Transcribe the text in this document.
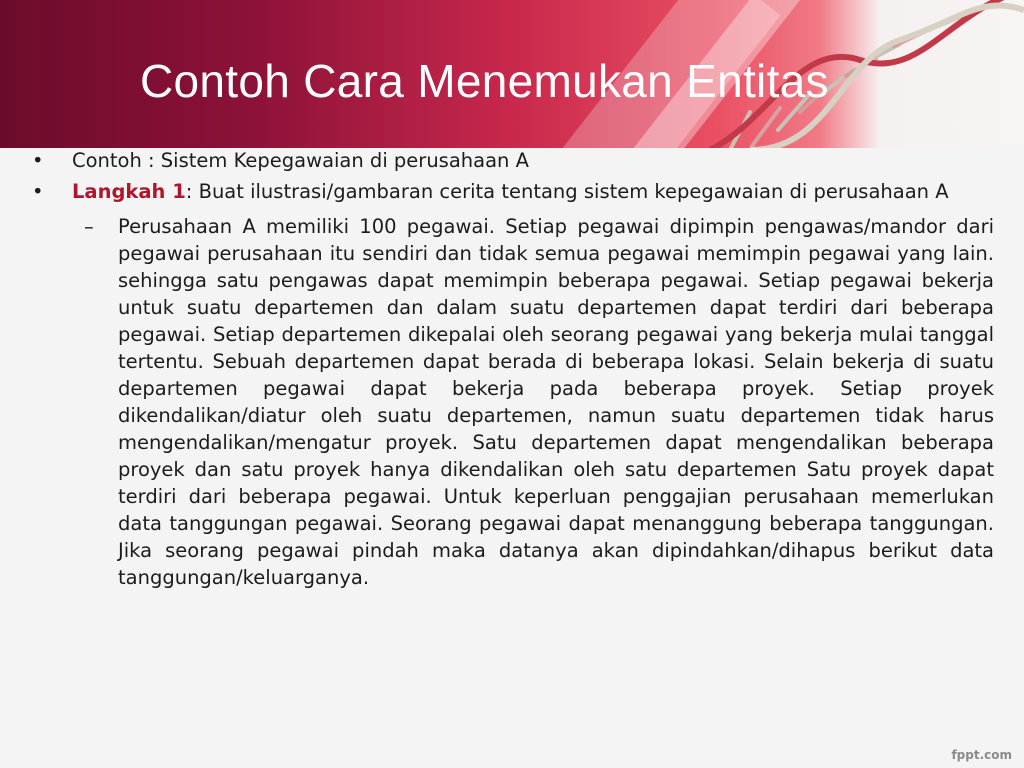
Contoh Cara Menemukan Entitas
•	Contoh : Sistem Kepegawaian di perusahaan A
•	Langkah 1: Buat ilustrasi/gambaran cerita tentang sistem kepegawaian di perusahaan A
–	Perusahaan A memiliki 100 pegawai. Setiap pegawai dipimpin pengawas/mandor dari pegawai perusahaan itu sendiri dan tidak semua pegawai memimpin pegawai yang lain. sehingga satu pengawas dapat memimpin beberapa pegawai. Setiap pegawai bekerja untuk suatu departemen dan dalam suatu departemen dapat terdiri dari beberapa pegawai. Setiap departemen dikepalai oleh seorang pegawai yang bekerja mulai tanggal tertentu. Sebuah departemen dapat berada di beberapa lokasi. Selain bekerja di suatu departemen pegawai dapat bekerja pada beberapa proyek. Setiap proyek dikendalikan/diatur oleh suatu departemen, namun suatu departemen tidak harus mengendalikan/mengatur proyek. Satu departemen dapat mengendalikan beberapa proyek dan satu proyek hanya dikendalikan oleh satu departemen Satu proyek dapat terdiri dari beberapa pegawai. Untuk keperluan penggajian perusahaan memerlukan data tanggungan pegawai. Seorang pegawai dapat menanggung beberapa tanggungan. Jika seorang pegawai pindah maka datanya akan dipindahkan/dihapus berikut data tanggungan/keluarganya.
fppt.com
